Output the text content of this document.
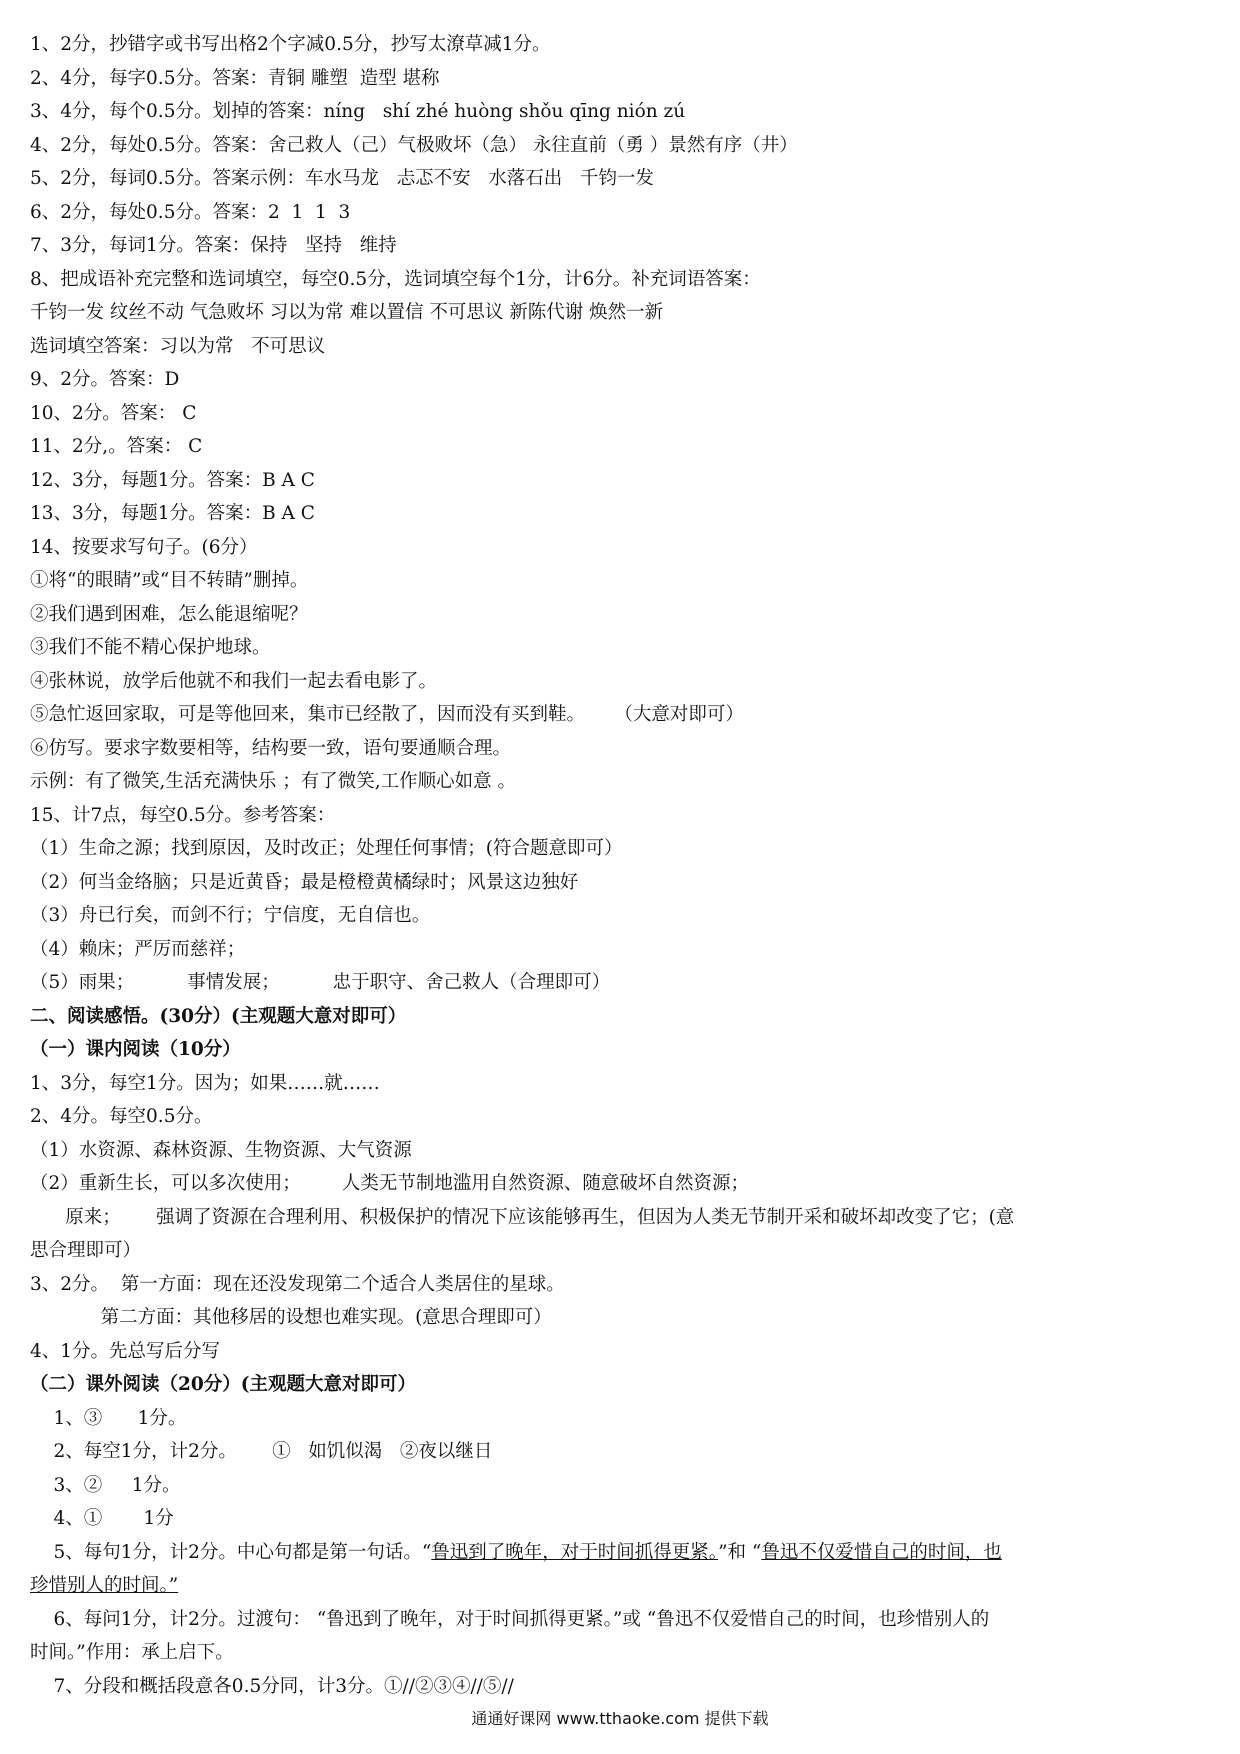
1、2分，抄错字或书写出格2个字减0.5分，抄写太潦草减1分。
2、4分，每字0.5分。答案：青铜 雕塑  造型 堪称
3、4分，每个0.5分。划掉的答案：níng   shí zhé huòng shǒu qīng nión zú
4、2分，每处0.5分。答案：舍己救人（己）气极败坏（急） 永往直前（勇 ）景然有序（井）
5、2分，每词0.5分。答案示例：车水马龙   忐忑不安   水落石出   千钧一发
6、2分，每处0.5分。答案：2  1  1  3
7、3分，每词1分。答案：保持   坚持   维持
8、把成语补充完整和选词填空，每空0.5分，选词填空每个1分，计6分。补充词语答案：
千钧一发 纹丝不动 气急败坏 习以为常 难以置信 不可思议 新陈代谢 焕然一新
选词填空答案：习以为常   不可思议
9、2分。答案：D
10、2分。答案： C
11、2分,。答案： C
12、3分，每题1分。答案：B A C
13、3分，每题1分。答案：B A C
14、按要求写句子。(6分）
①将“的眼睛”或“目不转睛”删掉。
②我们遇到困难，怎么能退缩呢？
③我们不能不精心保护地球。
④张林说，放学后他就不和我们一起去看电影了。
⑤急忙返回家取，可是等他回来，集市已经散了，因而没有买到鞋。     （大意对即可）
⑥仿写。要求字数要相等，结构要一致，语句要通顺合理。
示例：有了微笑,生活充满快乐 ；有了微笑,工作顺心如意 。
15、计7点，每空0.5分。参考答案：
（1）生命之源；找到原因，及时改正；处理任何事情；(符合题意即可）
（2）何当金络脑；只是近黄昏；最是橙橙黄橘绿时；风景这边独好
（3）舟已行矣，而剑不行；宁信度，无自信也。
（4）赖床；严厉而慈祥；
（5）雨果；         事情发展；         忠于职守、舍己救人（合理即可）
二、阅读感悟。(30分）(主观题大意对即可）
（一）课内阅读（10分）
1、3分，每空1分。因为；如果……就……
2、4分。每空0.5分。
（1）水资源、森林资源、生物资源、大气资源
（2）重新生长，可以多次使用；       人类无节制地滥用自然资源、随意破坏自然资源；
原来；      强调了资源在合理利用、积极保护的情况下应该能够再生，但因为人类无节制开采和破坏却改变了它；(意
思合理即可）
3、2分。  第一方面：现在还没发现第二个适合人类居住的星球。
第二方面：其他移居的设想也难实现。(意思合理即可）
4、1分。先总写后分写
（二）课外阅读（20分）(主观题大意对即可）
1、③      1分。
2、每空1分，计2分。      ①   如饥似渴   ②夜以继日
3、②     1分。
4、①       1分
5、每句1分，计2分。中心句都是第一句话。“鲁迅到了晚年，对于时间抓得更紧。”和 “鲁迅不仅爱惜自己的时间，也
珍惜别人的时间。”
6、每问1分，计2分。过渡句： “鲁迅到了晚年，对于时间抓得更紧。”或 “鲁迅不仅爱惜自己的时间，也珍惜别人的
时间。”作用：承上启下。
7、分段和概括段意各0.5分同，计3分。①//②③④//⑤//
通通好课网 www.tthaoke.com 提供下载
